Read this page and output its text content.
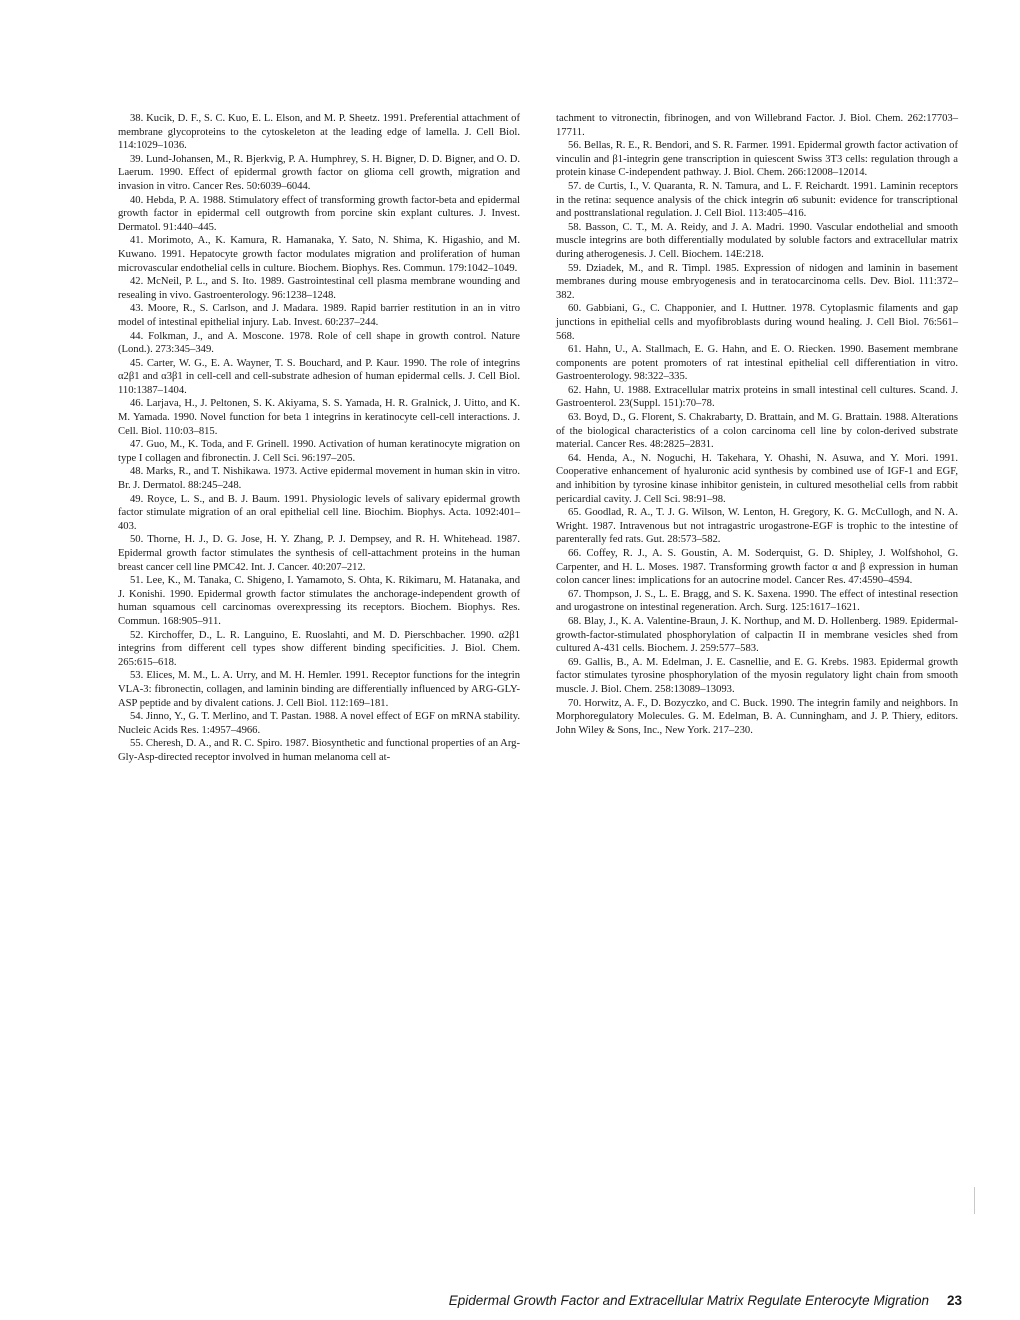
38. Kucik, D. F., S. C. Kuo, E. L. Elson, and M. P. Sheetz. 1991. Preferential attachment of membrane glycoproteins to the cytoskeleton at the leading edge of lamella. J. Cell Biol. 114:1029–1036.

39. Lund-Johansen, M., R. Bjerkvig, P. A. Humphrey, S. H. Bigner, D. D. Bigner, and O. D. Laerum. 1990. Effect of epidermal growth factor on glioma cell growth, migration and invasion in vitro. Cancer Res. 50:6039–6044.

40. Hebda, P. A. 1988. Stimulatory effect of transforming growth factor-beta and epidermal growth factor in epidermal cell outgrowth from porcine skin explant cultures. J. Invest. Dermatol. 91:440–445.

41. Morimoto, A., K. Kamura, R. Hamanaka, Y. Sato, N. Shima, K. Higashio, and M. Kuwano. 1991. Hepatocyte growth factor modulates migration and proliferation of human microvascular endothelial cells in culture. Biochem. Biophys. Res. Commun. 179:1042–1049.

42. McNeil, P. L., and S. Ito. 1989. Gastrointestinal cell plasma membrane wounding and resealing in vivo. Gastroenterology. 96:1238–1248.

43. Moore, R., S. Carlson, and J. Madara. 1989. Rapid barrier restitution in an in vitro model of intestinal epithelial injury. Lab. Invest. 60:237–244.

44. Folkman, J., and A. Moscone. 1978. Role of cell shape in growth control. Nature (Lond.). 273:345–349.

45. Carter, W. G., E. A. Wayner, T. S. Bouchard, and P. Kaur. 1990. The role of integrins α2β1 and α3β1 in cell-cell and cell-substrate adhesion of human epidermal cells. J. Cell Biol. 110:1387–1404.

46. Larjava, H., J. Peltonen, S. K. Akiyama, S. S. Yamada, H. R. Gralnick, J. Uitto, and K. M. Yamada. 1990. Novel function for beta 1 integrins in keratinocyte cell-cell interactions. J. Cell. Biol. 110:03–815.

47. Guo, M., K. Toda, and F. Grinell. 1990. Activation of human keratinocyte migration on type I collagen and fibronectin. J. Cell Sci. 96:197–205.

48. Marks, R., and T. Nishikawa. 1973. Active epidermal movement in human skin in vitro. Br. J. Dermatol. 88:245–248.

49. Royce, L. S., and B. J. Baum. 1991. Physiologic levels of salivary epidermal growth factor stimulate migration of an oral epithelial cell line. Biochim. Biophys. Acta. 1092:401–403.

50. Thorne, H. J., D. G. Jose, H. Y. Zhang, P. J. Dempsey, and R. H. Whitehead. 1987. Epidermal growth factor stimulates the synthesis of cell-attachment proteins in the human breast cancer cell line PMC42. Int. J. Cancer. 40:207–212.

51. Lee, K., M. Tanaka, C. Shigeno, I. Yamamoto, S. Ohta, K. Rikimaru, M. Hatanaka, and J. Konishi. 1990. Epidermal growth factor stimulates the anchorage-independent growth of human squamous cell carcinomas overexpressing its receptors. Biochem. Biophys. Res. Commun. 168:905–911.

52. Kirchoffer, D., L. R. Languino, E. Ruoslahti, and M. D. Pierschbacher. 1990. α2β1 integrins from different cell types show different binding specificities. J. Biol. Chem. 265:615–618.

53. Elices, M. M., L. A. Urry, and M. H. Hemler. 1991. Receptor functions for the integrin VLA-3: fibronectin, collagen, and laminin binding are differentially influenced by ARG-GLY-ASP peptide and by divalent cations. J. Cell Biol. 112:169–181.

54. Jinno, Y., G. T. Merlino, and T. Pastan. 1988. A novel effect of EGF on mRNA stability. Nucleic Acids Res. 1:4957–4966.

55. Cheresh, D. A., and R. C. Spiro. 1987. Biosynthetic and functional properties of an Arg-Gly-Asp-directed receptor involved in human melanoma cell at-

tachment to vitronectin, fibrinogen, and von Willebrand Factor. J. Biol. Chem. 262:17703–17711.

56. Bellas, R. E., R. Bendori, and S. R. Farmer. 1991. Epidermal growth factor activation of vinculin and β1-integrin gene transcription in quiescent Swiss 3T3 cells: regulation through a protein kinase C-independent pathway. J. Biol. Chem. 266:12008–12014.

57. de Curtis, I., V. Quaranta, R. N. Tamura, and L. F. Reichardt. 1991. Laminin receptors in the retina: sequence analysis of the chick integrin α6 subunit: evidence for transcriptional and posttranslational regulation. J. Cell Biol. 113:405–416.

58. Basson, C. T., M. A. Reidy, and J. A. Madri. 1990. Vascular endothelial and smooth muscle integrins are both differentially modulated by soluble factors and extracellular matrix during atherogenesis. J. Cell. Biochem. 14E:218.

59. Dziadek, M., and R. Timpl. 1985. Expression of nidogen and laminin in basement membranes during mouse embryogenesis and in teratocarcinoma cells. Dev. Biol. 111:372–382.

60. Gabbiani, G., C. Chapponier, and I. Huttner. 1978. Cytoplasmic filaments and gap junctions in epithelial cells and myofibroblasts during wound healing. J. Cell Biol. 76:561–568.

61. Hahn, U., A. Stallmach, E. G. Hahn, and E. O. Riecken. 1990. Basement membrane components are potent promoters of rat intestinal epithelial cell differentiation in vitro. Gastroenterology. 98:322–335.

62. Hahn, U. 1988. Extracellular matrix proteins in small intestinal cell cultures. Scand. J. Gastroenterol. 23(Suppl. 151):70–78.

63. Boyd, D., G. Florent, S. Chakrabarty, D. Brattain, and M. G. Brattain. 1988. Alterations of the biological characteristics of a colon carcinoma cell line by colon-derived substrate material. Cancer Res. 48:2825–2831.

64. Henda, A., N. Noguchi, H. Takehara, Y. Ohashi, N. Asuwa, and Y. Mori. 1991. Cooperative enhancement of hyaluronic acid synthesis by combined use of IGF-1 and EGF, and inhibition by tyrosine kinase inhibitor genistein, in cultured mesothelial cells from rabbit pericardial cavity. J. Cell Sci. 98:91–98.

65. Goodlad, R. A., T. J. G. Wilson, W. Lenton, H. Gregory, K. G. McCullogh, and N. A. Wright. 1987. Intravenous but not intragastric urogastrone-EGF is trophic to the intestine of parenterally fed rats. Gut. 28:573–582.

66. Coffey, R. J., A. S. Goustin, A. M. Soderquist, G. D. Shipley, J. Wolfshohol, G. Carpenter, and H. L. Moses. 1987. Transforming growth factor α and β expression in human colon cancer lines: implications for an autocrine model. Cancer Res. 47:4590–4594.

67. Thompson, J. S., L. E. Bragg, and S. K. Saxena. 1990. The effect of intestinal resection and urogastrone on intestinal regeneration. Arch. Surg. 125:1617–1621.

68. Blay, J., K. A. Valentine-Braun, J. K. Northup, and M. D. Hollenberg. 1989. Epidermal-growth-factor-stimulated phosphorylation of calpactin II in membrane vesicles shed from cultured A-431 cells. Biochem. J. 259:577–583.

69. Gallis, B., A. M. Edelman, J. E. Casnellie, and E. G. Krebs. 1983. Epidermal growth factor stimulates tyrosine phosphorylation of the myosin regulatory light chain from smooth muscle. J. Biol. Chem. 258:13089–13093.

70. Horwitz, A. F., D. Bozyczko, and C. Buck. 1990. The integrin family and neighbors. In Morphoregulatory Molecules. G. M. Edelman, B. A. Cunningham, and J. P. Thiery, editors. John Wiley & Sons, Inc., New York. 217–230.

Epidermal Growth Factor and Extracellular Matrix Regulate Enterocyte Migration 23
